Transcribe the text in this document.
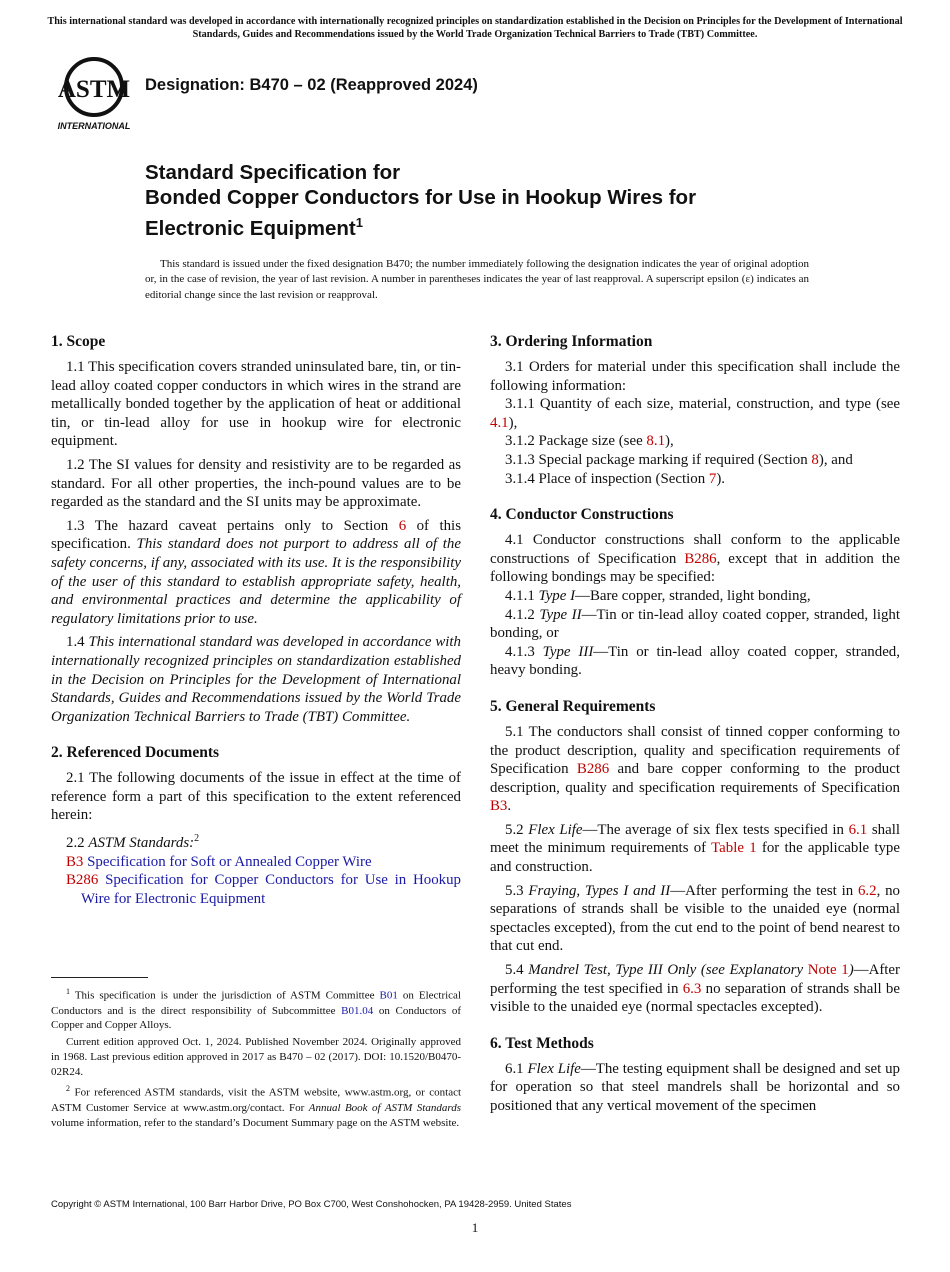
This international standard was developed in accordance with internationally recognized principles on standardization established in the Decision on Principles for the Development of International Standards, Guides and Recommendations issued by the World Trade Organization Technical Barriers to Trade (TBT) Committee.
ASTM
INTERNATIONAL
Designation: B470 – 02 (Reapproved 2024)
Standard Specification for
Bonded Copper Conductors for Use in Hookup Wires for
Electronic Equipment$^1$

This standard is issued under the fixed designation B470; the number immediately following the designation indicates the year of original adoption or, in the case of revision, the year of last revision. A number in parentheses indicates the year of last reapproval. A superscript epsilon (ε) indicates an editorial change since the last revision or reapproval.

1. Scope

1.1 This specification covers stranded uninsulated bare, tin, or tin-lead alloy coated copper conductors in which wires in the strand are metallically bonded together by the application of heat or additional tin, or tin-lead alloy for use in hookup wire for electronic equipment.

1.2 The SI values for density and resistivity are to be regarded as standard. For all other properties, the inch-pound values are to be regarded as the standard and the SI units may be approximate.

1.3 The hazard caveat pertains only to Section 6 of this specification. This standard does not purport to address all of the safety concerns, if any, associated with its use. It is the responsibility of the user of this standard to establish appropriate safety, health, and environmental practices and determine the applicability of regulatory limitations prior to use.

1.4 This international standard was developed in accordance with internationally recognized principles on standardization established in the Decision on Principles for the Development of International Standards, Guides and Recommendations issued by the World Trade Organization Technical Barriers to Trade (TBT) Committee.

2. Referenced Documents

2.1 The following documents of the issue in effect at the time of reference form a part of this specification to the extent referenced herein:

2.2 ASTM Standards:$^2$

B3 Specification for Soft or Annealed Copper Wire
B286 Specification for Copper Conductors for Use in Hookup Wire for Electronic Equipment

$^1$ This specification is under the jurisdiction of ASTM Committee B01 on Electrical Conductors and is the direct responsibility of Subcommittee B01.04 on Conductors of Copper and Copper Alloys.

Current edition approved Oct. 1, 2024. Published November 2024. Originally approved in 1968. Last previous edition approved in 2017 as B470 – 02 (2017). DOI: 10.1520/B0470-02R24.

$^2$ For referenced ASTM standards, visit the ASTM website, www.astm.org, or contact ASTM Customer Service at www.astm.org/contact. For Annual Book of ASTM Standards volume information, refer to the standard’s Document Summary page on the ASTM website.

3. Ordering Information

3.1 Orders for material under this specification shall include the following information:

3.1.1 Quantity of each size, material, construction, and type (see 4.1),

3.1.2 Package size (see 8.1),

3.1.3 Special package marking if required (Section 8), and

3.1.4 Place of inspection (Section 7).

4. Conductor Constructions

4.1 Conductor constructions shall conform to the applicable constructions of Specification B286, except that in addition the following bondings may be specified:

4.1.1 Type I—Bare copper, stranded, light bonding,

4.1.2 Type II—Tin or tin-lead alloy coated copper, stranded, light bonding, or

4.1.3 Type III—Tin or tin-lead alloy coated copper, stranded, heavy bonding.

5. General Requirements

5.1 The conductors shall consist of tinned copper conforming to the product description, quality and specification requirements of Specification B286 and bare copper conforming to the product description, quality and specification requirements of Specification B3.

5.2 Flex Life—The average of six flex tests specified in 6.1 shall meet the minimum requirements of Table 1 for the applicable type and construction.

5.3 Fraying, Types I and II—After performing the test in 6.2, no separations of strands shall be visible to the unaided eye (normal spectacles excepted), from the cut end to the point of bend nearest to that cut end.

5.4 Mandrel Test, Type III Only (see Explanatory Note 1)—After performing the test specified in 6.3 no separation of strands shall be visible to the unaided eye (normal spectacles excepted).

6. Test Methods

6.1 Flex Life—The testing equipment shall be designed and set up for operation so that steel mandrels shall be horizontal and so positioned that any vertical movement of the specimen

Copyright © ASTM International, 100 Barr Harbor Drive, PO Box C700, West Conshohocken, PA 19428-2959. United States
1
